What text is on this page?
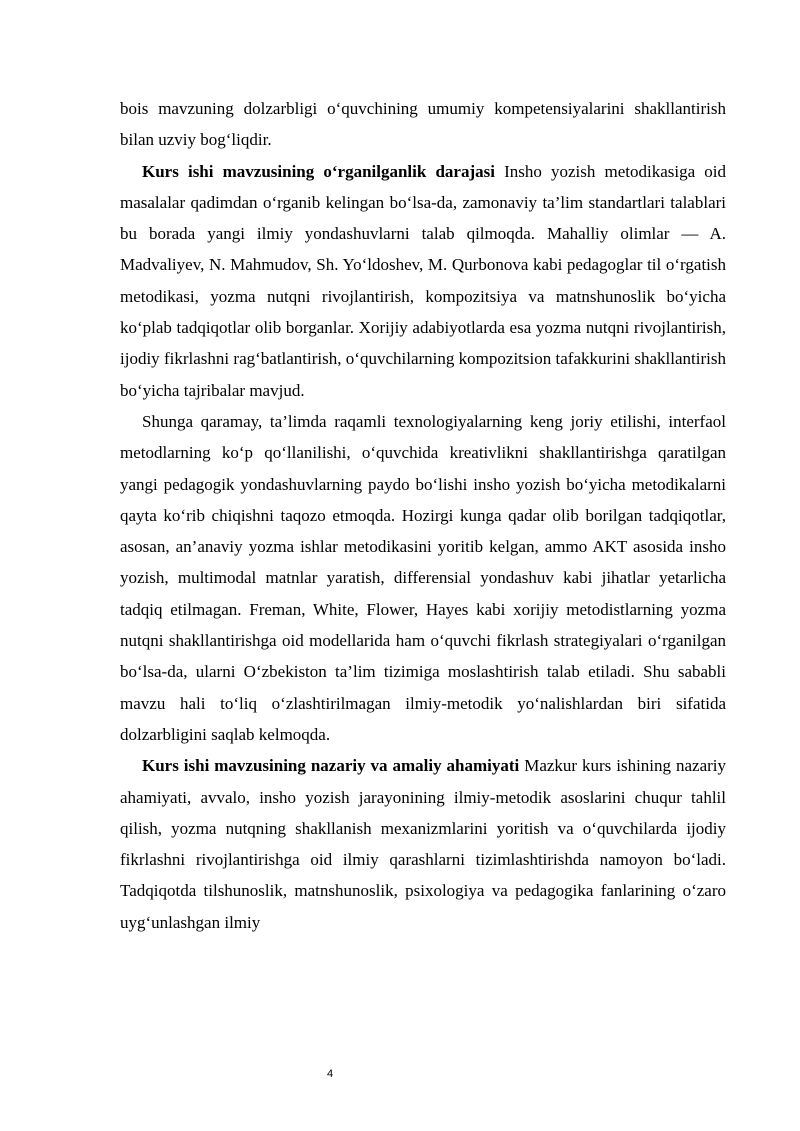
bois mavzuning dolzarbligi o‘quvchining umumiy kompetensiyalarini shakllantirish bilan uzviy bog‘liqdir.

Kurs ishi mavzusining o‘rganilganlik darajasi Insho yozish metodikasiga oid masalalar qadimdan o‘rganib kelingan bo‘lsa-da, zamonaviy ta’lim standartlari talablari bu borada yangi ilmiy yondashuvlarni talab qilmoqda. Mahalliy olimlar — A. Madvaliyev, N. Mahmudov, Sh. Yo‘ldoshev, M. Qurbonova kabi pedagoglar til o‘rgatish metodikasi, yozma nutqni rivojlantirish, kompozitsiya va matnshunoslik bo‘yicha ko‘plab tadqiqotlar olib borganlar. Xorijiy adabiyotlarda esa yozma nutqni rivojlantirish, ijodiy fikrlashni rag‘batlantirish, o‘quvchilarning kompozitsion tafakkurini shakllantirish bo‘yicha tajribalar mavjud.

Shunga qaramay, ta’limda raqamli texnologiyalarning keng joriy etilishi, interfaol metodlarning ko‘p qo‘llanilishi, o‘quvchida kreativlikni shakllantirishga qaratilgan yangi pedagogik yondashuvlarning paydo bo‘lishi insho yozish bo‘yicha metodikalarni qayta ko‘rib chiqishni taqozo etmoqda. Hozirgi kunga qadar olib borilgan tadqiqotlar, asosan, an’anaviy yozma ishlar metodikasini yoritib kelgan, ammo AKT asosida insho yozish, multimodal matnlar yaratish, differensial yondashuv kabi jihatlar yetarlicha tadqiq etilmagan. Freman, White, Flower, Hayes kabi xorijiy metodistlarning yozma nutqni shakllantirishga oid modellarida ham o‘quvchi fikrlash strategiyalari o‘rganilgan bo‘lsa-da, ularni O‘zbekiston ta’lim tizimiga moslashtirish talab etiladi. Shu sababli mavzu hali to‘liq o‘zlashtirilmagan ilmiy-metodik yo‘nalishlardan biri sifatida dolzarbligini saqlab kelmoqda.

Kurs ishi mavzusining nazariy va amaliy ahamiyati Mazkur kurs ishining nazariy ahamiyati, avvalo, insho yozish jarayonining ilmiy-metodik asoslarini chuqur tahlil qilish, yozma nutqning shakllanish mexanizmlarini yoritish va o‘quvchilarda ijodiy fikrlashni rivojlantirishga oid ilmiy qarashlarni tizimlashtirishda namoyon bo‘ladi. Tadqiqotda tilshunoslik, matnshunoslik, psixologiya va pedagogika fanlarining o‘zaro uyg‘unlashgan ilmiy

4
